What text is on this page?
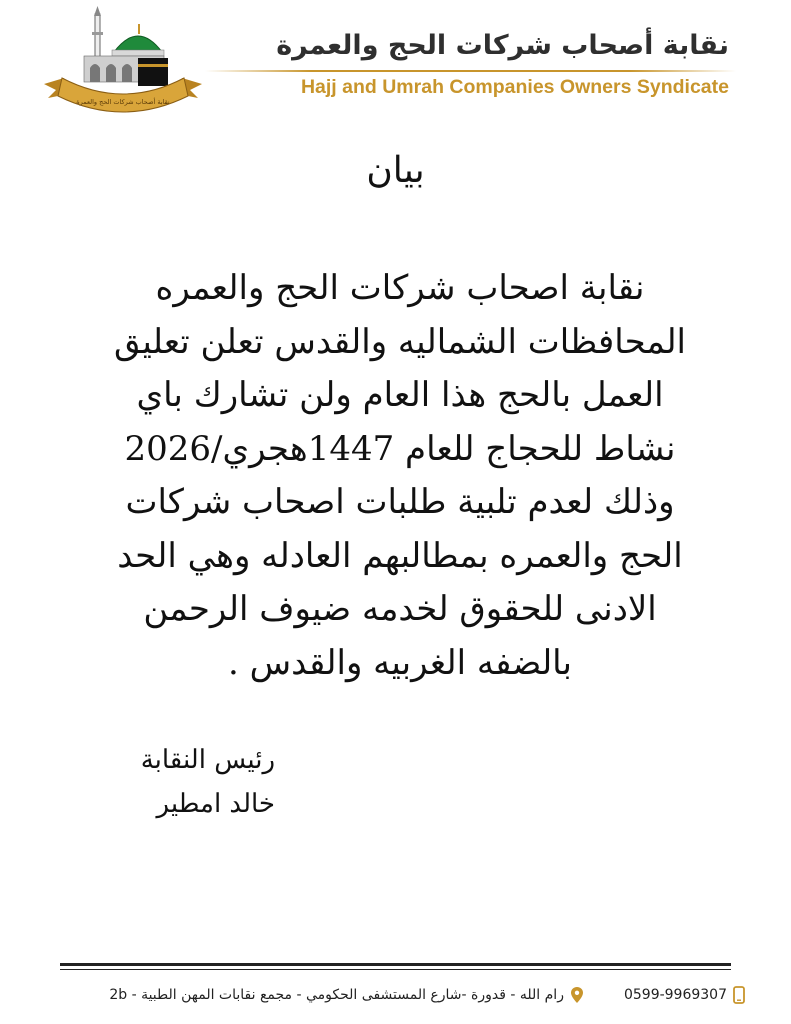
نقابة أصحاب شركات الحج والعمرة
نقابة أصحاب شركات الحج والعمرة
Hajj and Umrah Companies Owners Syndicate
بيان
نقابة اصحاب شركات الحج والعمره
المحافظات الشماليه والقدس تعلن تعليق
العمل بالحج هذا العام ولن تشارك باي
نشاط للحجاج للعام 1447هجري/2026
وذلك لعدم تلبية طلبات اصحاب شركات
الحج والعمره بمطالبهم العادله وهي الحد
الادنى للحقوق لخدمه ضيوف الرحمن
بالضفه الغربيه والقدس .
رئيس النقابة
خالد امطير
0599-9969307
رام الله - قدورة -شارع المستشفى الحكومي - مجمع نقابات المهن الطبية - 2b
